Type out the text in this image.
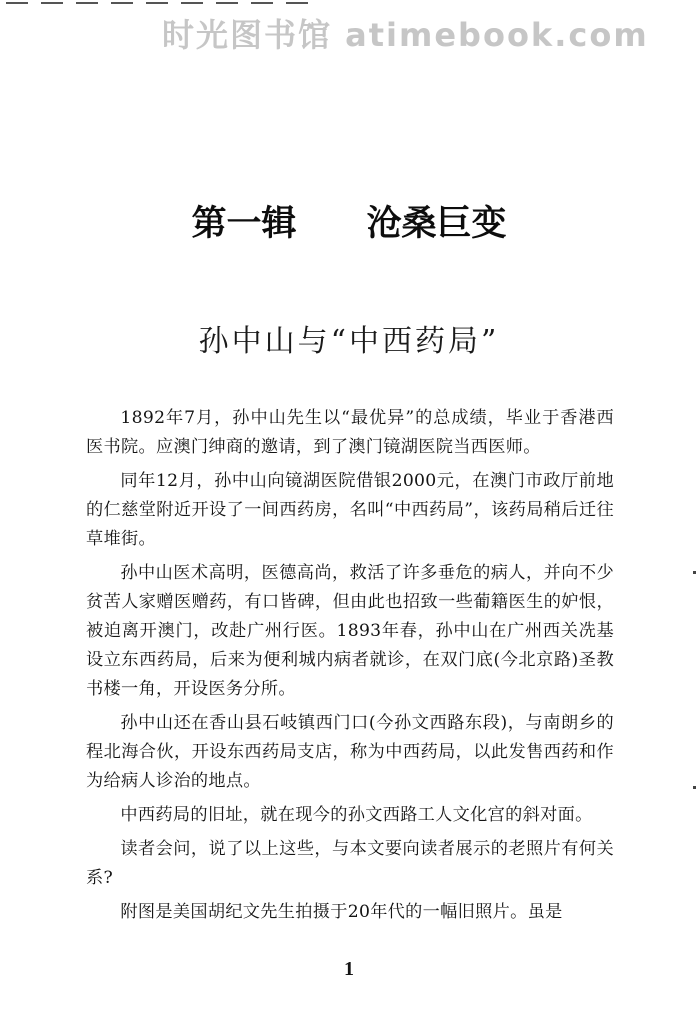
时光图书馆 atimebook.com
第一辑　　沧桑巨变
孙中山与“中西药局”

1892年7月，孙中山先生以“最优异”的总成绩，毕业于香港西医书院。应澳门绅商的邀请，到了澳门镜湖医院当西医师。

同年12月，孙中山向镜湖医院借银2000元，在澳门市政厅前地的仁慈堂附近开设了一间西药房，名叫“中西药局”，该药局稍后迁往草堆街。

孙中山医术高明，医德高尚，救活了许多垂危的病人，并向不少贫苦人家赠医赠药，有口皆碑，但由此也招致一些葡籍医生的妒恨，被迫离开澳门，改赴广州行医。1893年春，孙中山在广州西关冼基设立东西药局，后来为便利城内病者就诊，在双门底(今北京路)圣教书楼一角，开设医务分所。

孙中山还在香山县石岐镇西门口(今孙文西路东段)，与南朗乡的程北海合伙，开设东西药局支店，称为中西药局，以此发售西药和作为给病人诊治的地点。

中西药局的旧址，就在现今的孙文西路工人文化宫的斜对面。

读者会问，说了以上这些，与本文要向读者展示的老照片有何关系?

附图是美国胡纪文先生拍摄于20年代的一幅旧照片。虽是

1
